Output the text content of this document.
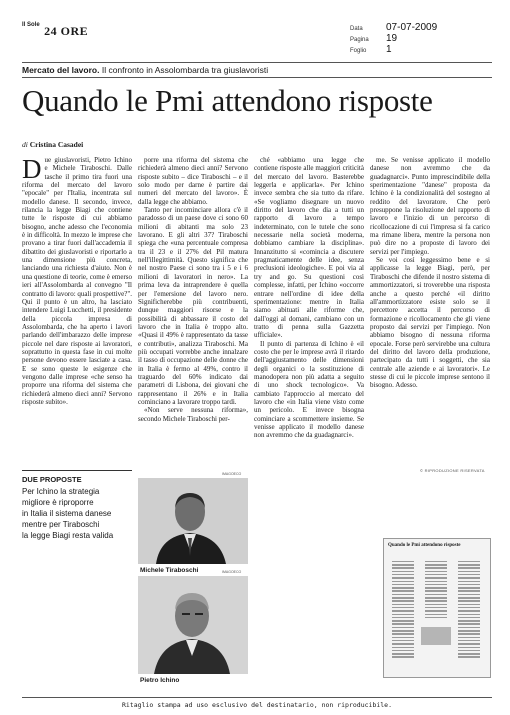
$^{Il Sole}$ 24 ORE	Data	07-07-2009
Pagina	19
Foglio	1
Mercato del lavoro. Il confronto in Assolombarda tra giuslavoristi
Quando le Pmi attendono risposte
di Cristina Casadei

Due giuslavoristi, Pietro Ichino e Michele Tiraboschi. Dalle tasche il primo tira fuori una riforma del mercato del lavoro "epocale" per l'Italia, incentrata sul modello danese. Il secondo, invece, rilancia la legge Biagi che contiene tutte le risposte di cui abbiamo bisogno, anche adesso che l'economia è in difficoltà. In mezzo le imprese che provano a tirar fuori dall'accademia il dibattito dei giuslavoristi e riportarlo a una dimensione più concreta, lanciando una richiesta d'aiuto. Non è una questione di teorie, come è emerso ieri all'Assolombarda al convegno "Il contratto di lavoro: quali prospettive?". Qui il punto è un altro, ha lasciato intendere Luigi Lucchetti, il presidente della piccola impresa di Assolombarda, che ha aperto i lavori parlando dell'imbarazzo delle imprese piccole nel dare risposte ai lavoratori, soprattutto in questa fase in cui molte persone devono essere lasciate a casa. E se sono queste le esigenze che vengono dalle imprese «che senso ha proporre una riforma del sistema che richiederà almeno dieci anni? Servono risposte subito».

porre una riforma del sistema che richiederà almeno dieci anni? Servono risposte subito – dice Tiraboschi – e il solo modo per darne è partire dai numeri del mercato del lavoro». È dalla legge che abbiamo.

Tanto per incominciare allora c'è il paradosso di un paese dove ci sono 60 milioni di abitanti ma solo 23 lavorano. E gli altri 37? Tiraboschi spiega che «una percentuale compresa tra il 23 e il 27% del Pil matura nell'illegittimità. Questo significa che nel nostro Paese ci sono tra i 5 e i 6 milioni di lavoratori in nero». La prima leva da intraprendere è quella per l'emersione del lavoro nero. Significherebbe più contribuenti, dunque maggiori risorse e la possibilità di abbassare il costo del lavoro che in Italia è troppo alto. «Quasi il 49% è rappresentato da tasse e contributi», analizza Tiraboschi. Ma più occupati vorrebbe anche innalzare il tasso di occupazione delle donne che in Italia è fermo al 49%, contro il traguardo del 60% indicato dai parametri di Lisbona, dei giovani che rappresentano il 26% e in Italia cominciano a lavorare troppo tardi.

«Non serve nessuna riforma», secondo Michele Tiraboschi per-

ché «abbiamo una legge che contiene risposte alle maggiori criticità del mercato del lavoro. Basterebbe leggerla e applicarla». Per Ichino invece sembra che sia tutto da rifare. «Se vogliamo disegnare un nuovo diritto del lavoro che dia a tutti un rapporto di lavoro a tempo indeterminato, con le tutele che sono necessarie nella società moderna, dobbiamo cambiare la disciplina». Innanzitutto si «comincia a discutere pragmaticamente delle idee, senza preclusioni ideologiche». E poi via al try and go. Su questioni così complesse, infatti, per Ichino «occorre entrare nell'ordine di idee della sperimentazione: mentre in Italia siamo abituati alle riforme che, dall'oggi al domani, cambiano con un tratto di penna sulla Gazzetta ufficiale».

Il punto di partenza di Ichino è «il costo che per le imprese avrà il ritardo dell'aggiustamento delle dimensioni degli organici o la sostituzione di manodopera non più adatta a seguito di uno shock tecnologico». Va cambiato l'approccio al mercato del lavoro che «in Italia viene visto come un pericolo. E invece bisogna cominciare a scommettere insieme. Se venisse applicato il modello danese non avremmo che da guadagnarci».

me. Se venisse applicato il modello danese non avremmo che da guadagnarci». Punto imprescindibile della sperimentazione "danese" proposta da Ichino è la condizionalità del sostegno al reddito del lavoratore. Che però presuppone la risoluzione del rapporto di lavoro e l'inizio di un percorso di ricollocazione di cui l'impresa si fa carico ma rimane libera, mentre la persona non può dire no a proposte di lavoro dei servizi per l'impiego.

Se voi così leggessimo bene e si applicasse la legge Biagi, però, per Tiraboschi che difende il nostro sistema di ammortizzatori, si troverebbe una risposta anche a questo perché «il diritto all'ammortizzatore esiste solo se il percettore accetta il percorso di formazione e ricollocamento che gli viene proposto dai servizi per l'impiego. Non abbiamo bisogno di nessuna riforma epocale. Forse però servirebbe una cultura del diritto del lavoro della produzione, partecipato da tutti i soggetti, che sia centrale alle aziende e ai lavoratori». Le stesse di cui le piccole imprese sentono il bisogno. Adesso.

© RIPRODUZIONE RISERVATA
DUE PROPOSTE
Per Ichino la strategia
migliore è riproporre
in Italia il sistema danese
mentre per Tiraboschi
la legge Biagi resta valida
IMAGOECO
Michele Tiraboschi	IMAGOECO
Pietro Ichino
Quando le Pmi attendono risposte
Ritaglio stampa ad uso esclusivo del destinatario, non riproducibile.
